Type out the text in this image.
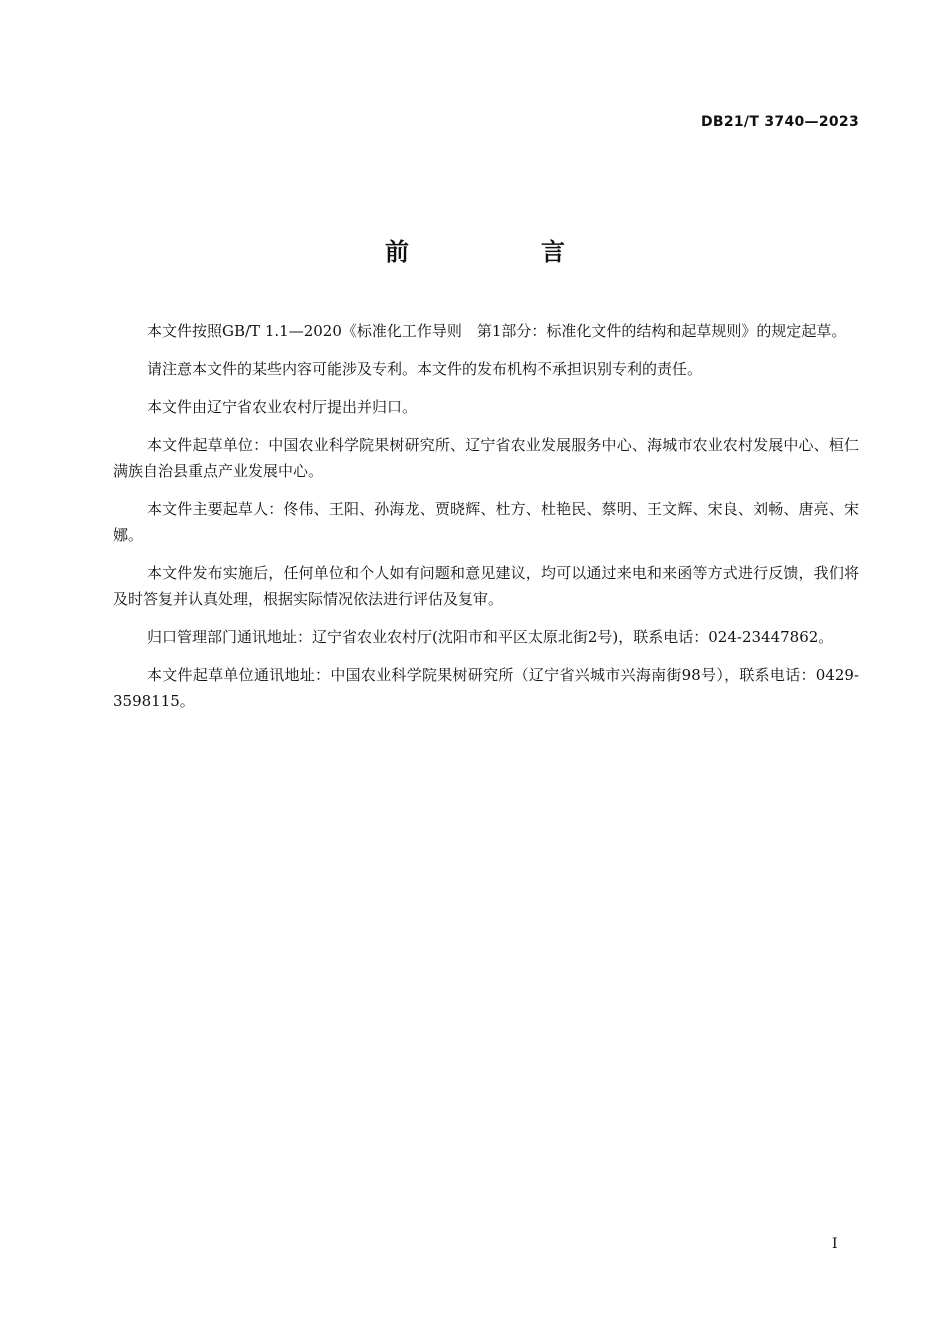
DB21/T 3740—2023
前　言

本文件按照GB/T 1.1—2020《标准化工作导则　第1部分：标准化文件的结构和起草规则》的规定起草。

请注意本文件的某些内容可能涉及专利。本文件的发布机构不承担识别专利的责任。

本文件由辽宁省农业农村厅提出并归口。

本文件起草单位：中国农业科学院果树研究所、辽宁省农业发展服务中心、海城市农业农村发展中心、桓仁满族自治县重点产业发展中心。

本文件主要起草人：佟伟、王阳、孙海龙、贾晓辉、杜方、杜艳民、蔡明、王文辉、宋良、刘畅、唐亮、宋娜。

本文件发布实施后，任何单位和个人如有问题和意见建议，均可以通过来电和来函等方式进行反馈，我们将及时答复并认真处理，根据实际情况依法进行评估及复审。

归口管理部门通讯地址：辽宁省农业农村厅(沈阳市和平区太原北街2号)，联系电话：024-23447862。

本文件起草单位通讯地址：中国农业科学院果树研究所（辽宁省兴城市兴海南街98号），联系电话：0429-3598115。

I
